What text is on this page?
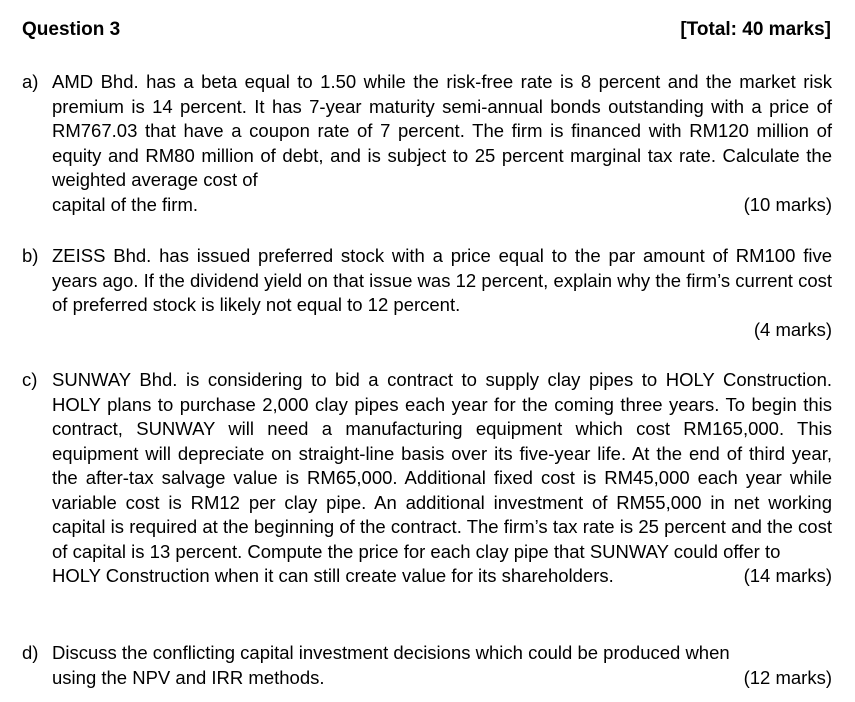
Question 3	[Total: 40 marks]
a) AMD Bhd. has a beta equal to 1.50 while the risk-free rate is 8 percent and the market risk premium is 14 percent. It has 7-year maturity semi-annual bonds outstanding with a price of RM767.03 that have a coupon rate of 7 percent. The firm is financed with RM120 million of equity and RM80 million of debt, and is subject to 25 percent marginal tax rate. Calculate the weighted average cost of
(10 marks)
capital of the firm.
b) ZEISS Bhd. has issued preferred stock with a price equal to the par amount of RM100 five years ago. If the dividend yield on that issue was 12 percent, explain why the firm’s current cost of preferred stock is likely not equal to 12 percent.
(4 marks)
c) SUNWAY Bhd. is considering to bid a contract to supply clay pipes to HOLY Construction. HOLY plans to purchase 2,000 clay pipes each year for the coming three years. To begin this contract, SUNWAY will need a manufacturing equipment which cost RM165,000. This equipment will depreciate on straight-line basis over its five-year life. At the end of third year, the after-tax salvage value is RM65,000. Additional fixed cost is RM45,000 each year while variable cost is RM12 per clay pipe. An additional investment of RM55,000 in net working capital is required at the beginning of the contract. The firm’s tax rate is 25 percent and the cost of capital is 13 percent. Compute the price for each clay pipe that SUNWAY could offer to
(14 marks)
HOLY Construction when it can still create value for its shareholders.
d) Discuss the conflicting capital investment decisions which could be produced when
(12 marks)
using the NPV and IRR methods.
